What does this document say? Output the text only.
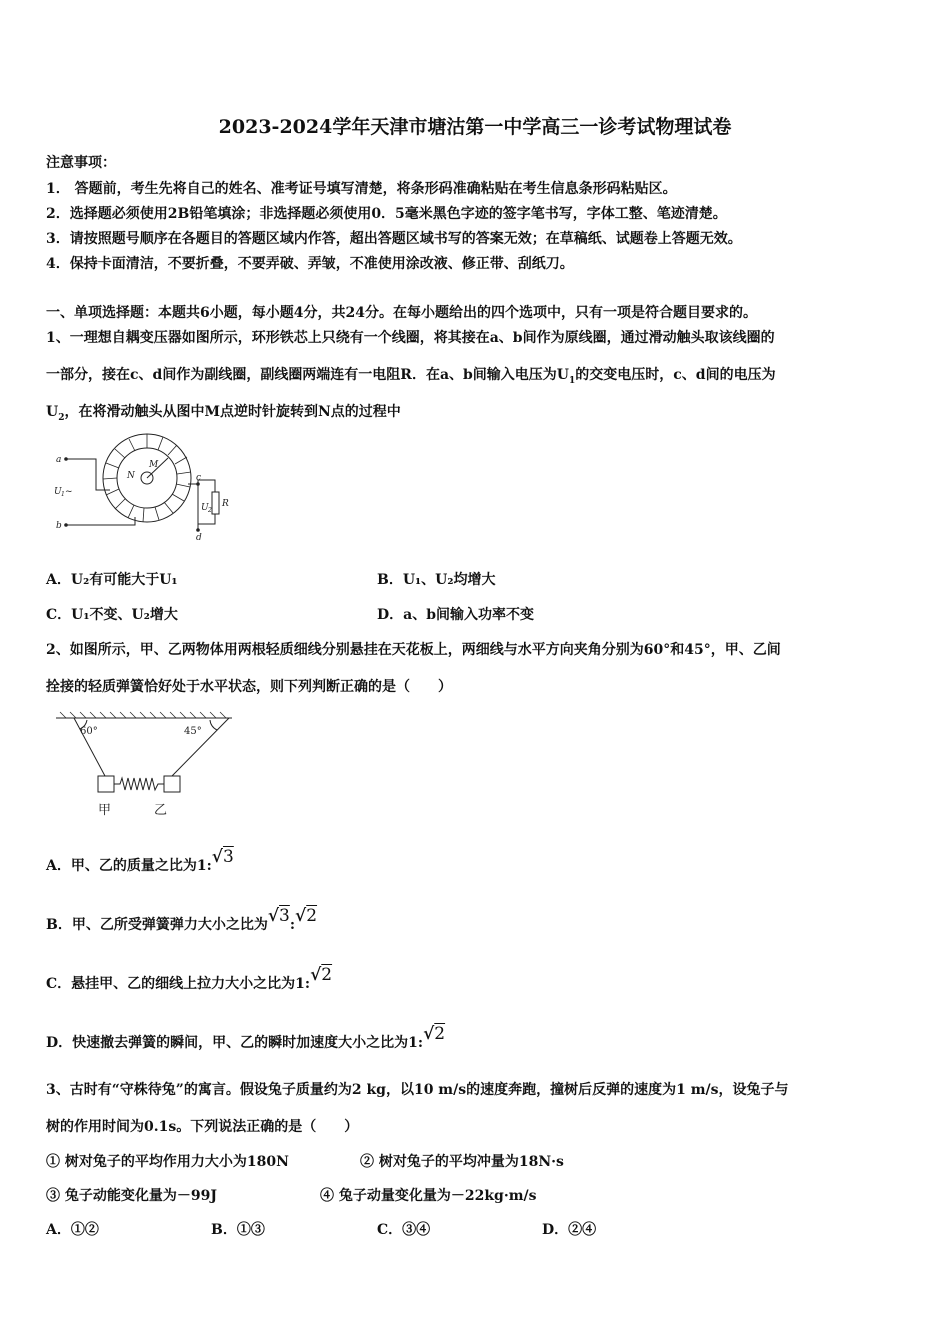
2023-2024学年天津市塘沽第一中学高三一诊考试物理试卷
注意事项：
1． 答题前，考生先将自己的姓名、准考证号填写清楚，将条形码准确粘贴在考生信息条形码粘贴区。
2．选择题必须使用2B铅笔填涂；非选择题必须使用0．5毫米黑色字迹的签字笔书写，字体工整、笔迹清楚。
3．请按照题号顺序在各题目的答题区域内作答，超出答题区域书写的答案无效；在草稿纸、试题卷上答题无效。
4．保持卡面清洁，不要折叠，不要弄破、弄皱，不准使用涂改液、修正带、刮纸刀。
一、单项选择题：本题共6小题，每小题4分，共24分。在每小题给出的四个选项中，只有一项是符合题目要求的。
1、一理想自耦变压器如图所示，环形铁芯上只绕有一个线圈，将其接在a、b间作为原线圈，通过滑动触头取该线圈的
一部分，接在c、d间作为副线圈，副线圈两端连有一电阻R．在a、b间输入电压为$U_1$的交变电压时，c、d间的电压为
$U_2$，在将滑动触头从图中M点逆时针旋转到N点的过程中
a
b
c
d
M
N
U 1 ~
U 2
R
A．U₂有可能大于U₁	B．U₁、U₂均增大
C．U₁不变、U₂增大	D．a、b间输入功率不变
2、如图所示，甲、乙两物体用两根轻质细线分别悬挂在天花板上，两细线与水平方向夹角分别为60°和45°，甲、乙间
拴接的轻质弹簧恰好处于水平状态，则下列判断正确的是（　　）
60°	45°
甲	乙
A．甲、乙的质量之比为1:√3
B．甲、乙所受弹簧弹力大小之比为√3:√2
C．悬挂甲、乙的细线上拉力大小之比为1:√2
D．快速撤去弹簧的瞬间，甲、乙的瞬时加速度大小之比为1:√2
3、古时有“守株待兔”的寓言。假设兔子质量约为2 kg，以10 m/s的速度奔跑，撞树后反弹的速度为1 m/s，设兔子与
树的作用时间为0.1s。下列说法正确的是（　　）
① 树对兔子的平均作用力大小为180N	② 树对兔子的平均冲量为18N·s
③ 兔子动能变化量为－99J	④ 兔子动量变化量为－22kg·m/s
A．①②	B．①③	C．③④	D．②④
